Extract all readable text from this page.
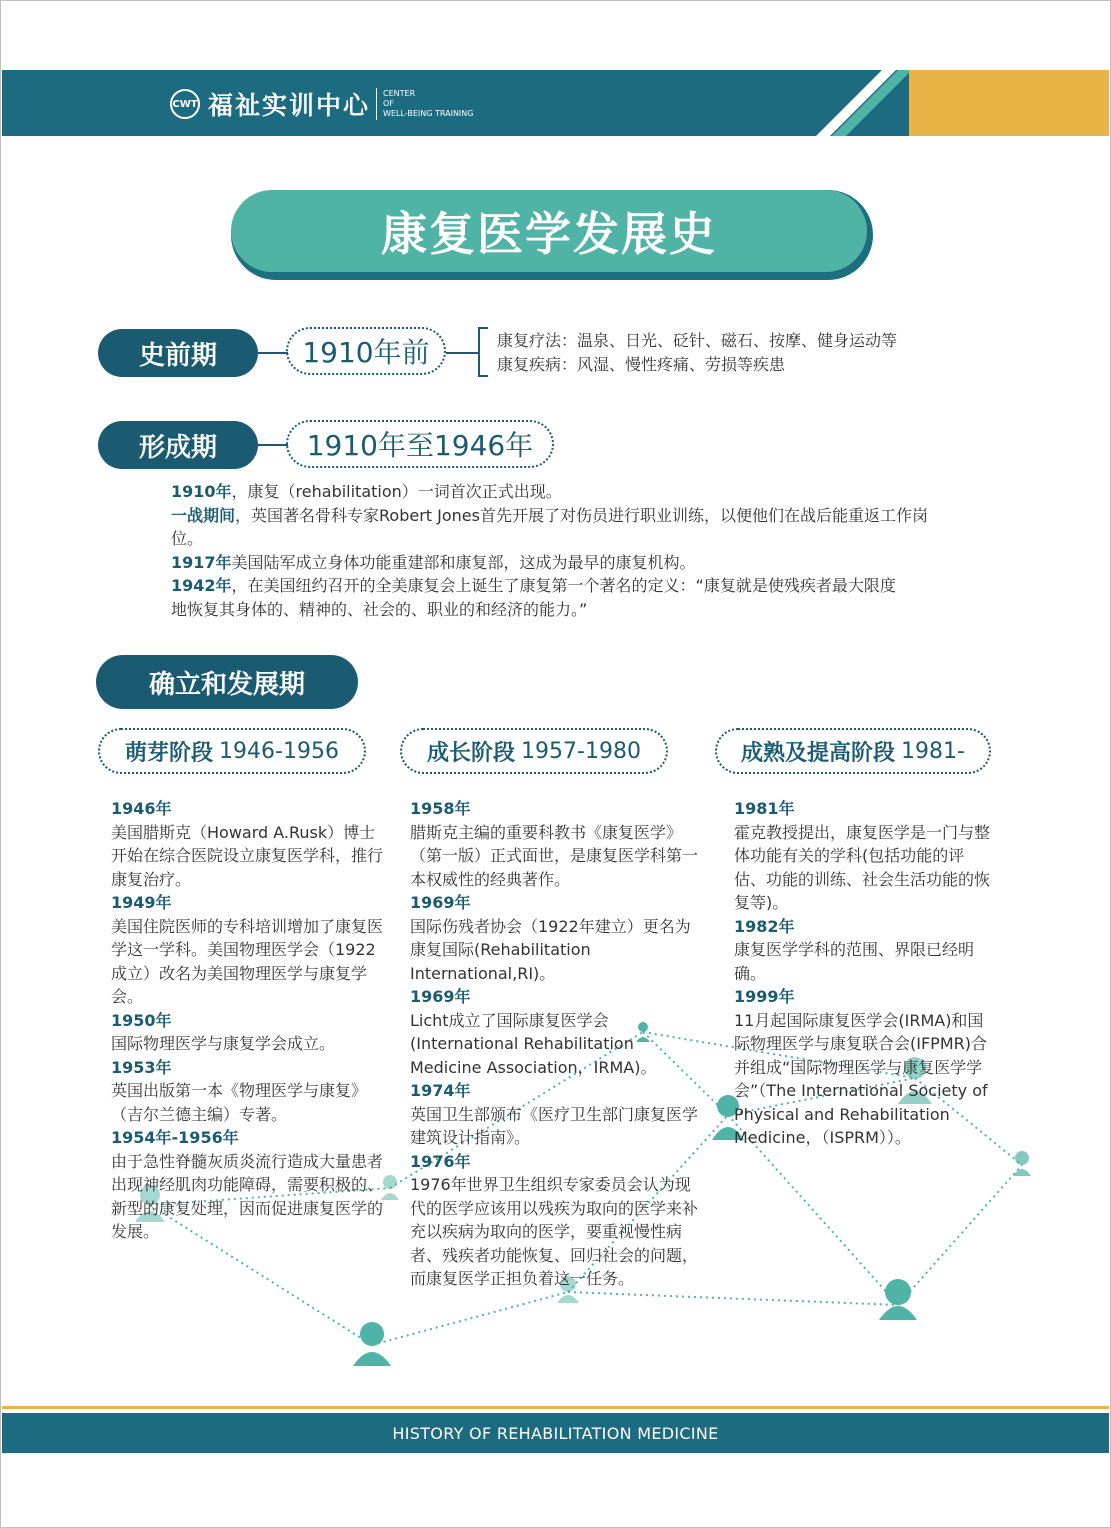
CWT 福祉实训中心 CENTER
OF
WELL-BEING TRAINING
康复医学发展史
史前期	1910年前	康复疗法：温泉、日光、砭针、磁石、按摩、健身运动等
康复疾病：风湿、慢性疼痛、劳损等疾患
形成期	1910年至1946年
1910年，康复（rehabilitation）一词首次正式出现。
一战期间，英国著名骨科专家Robert Jones首先开展了对伤员进行职业训练，以便他们在战后能重返工作岗位。
1917年美国陆军成立身体功能重建部和康复部，这成为最早的康复机构。
1942年，在美国纽约召开的全美康复会上诞生了康复第一个著名的定义：“康复就是使残疾者最大限度地恢复其身体的、精神的、社会的、职业的和经济的能力。”
确立和发展期
萌芽阶段 1946-1956	成长阶段 1957-1980	成熟及提高阶段 1981-
1946年

美国腊斯克（Howard A.Rusk）博士开始在综合医院设立康复医学科，推行康复治疗。

1949年

美国住院医师的专科培训增加了康复医学这一学科。美国物理医学会（1922成立）改名为美国物理医学与康复学会。

1950年

国际物理医学与康复学会成立。

1953年

英国出版第一本《物理医学与康复》（吉尔兰德主编）专著。

1954年-1956年

由于急性脊髓灰质炎流行造成大量患者出现神经肌肉功能障碍，需要积极的、新型的康复处理，因而促进康复医学的发展。

1958年

腊斯克主编的重要科教书《康复医学》（第一版）正式面世，是康复医学科第一本权威性的经典著作。

1969年

国际伤残者协会（1922年建立）更名为康复国际(Rehabilitation International,RI)。

1969年

Licht成立了国际康复医学会(International Rehabilitation Medicine Association，IRMA)。

1974年

英国卫生部颁布《医疗卫生部门康复医学建筑设计指南》。

1976年

1976年世界卫生组织专家委员会认为现代的医学应该用以残疾为取向的医学来补充以疾病为取向的医学，要重视慢性病者、残疾者功能恢复、回归社会的问题，而康复医学正担负着这一任务。

1981年

霍克教授提出，康复医学是一门与整体功能有关的学科(包括功能的评估、功能的训练、社会生活功能的恢复等)。

1982年

康复医学学科的范围、界限已经明确。

1999年

11月起国际康复医学会(IRMA)和国际物理医学与康复联合会(IFPMR)合并组成“国际物理医学与康复医学学会”（The International Society of Physical and Rehabilitation Medicine，（ISPRM））。

HISTORY OF REHABILITATION MEDICINE
